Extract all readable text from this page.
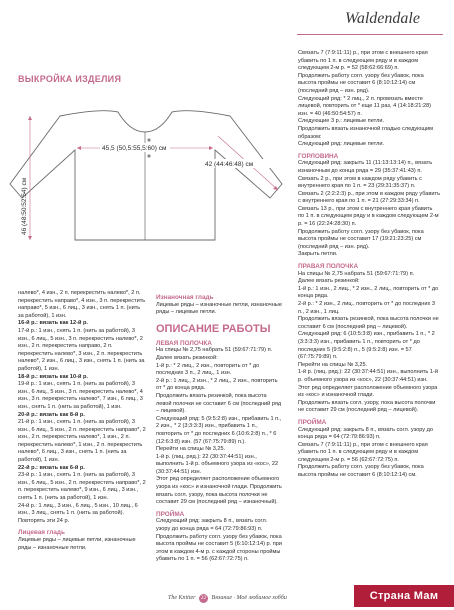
Waldendale
ВЫКРОЙКА ИЗДЕЛИЯ
45,5 (50,5:55,5:60) см
46 (48:50:52:54) см
42 (44:46:48) см

налево*, 4 изн., 2 п. перекрестить налево*, 2 п. перекрестить направо*, 4 изн., 3 п. перекрестить направо*, 5 изн., 6 лиц., 3 изн., снять 1 п. (нить за работой), 1 изн.

16-й р.: вязать как 12-й р.

17-й р.: 1 изн., снять 1 п. (нить за работой), 3 изн., 6 лиц., 5 изн., 3 п. перекрестить налево*, 2 изн., 2 п. перекрестить направо, 2 п. перекрестить налево*, 3 изн., 2 п. перекрестить налево*, 2 изн., 6 лиц., 3 изн., снять 1 п. (нить за работой), 1 изн.

18-й р.: вязать как 10-й р.

19-й р.: 1 изн., снять 1 п. (нить за работой), 3 изн., 6 лиц., 5 изн., 3 п. перекрестить налево*, 4 изн., 3 п. перекрестить налево*, 7 изн., 6 лиц., 3 изн., снять 1 п. (нить за работой), 1 изн.

20-й р.: вязать как 8-й р.

21-й р.: 1 изн., снять 1 п. (нить за работой), 3 изн., 6 лиц., 5 изн., 2 п. перекрестить направо*, 2 изн., 2 п. перекрестить налево*, 1 изн., 2 п. перекрестить налево*, 1 изн., 2 п. перекрестить налево*, 6 лиц., 3 изн., снять 1 п. (нить за работой), 1 изн.

22-й р.: вязать как 6-й р.

23-й р.: 1 изн., снять 1 п. (нить за работой), 3 изн., 6 лиц., 5 изн., 2 п. перекрестить направо*, 2 п. перекрестить налево*, 9 изн., 6 лиц., 3 изн., снять 1 п. (нить за работой), 1 изн.

24-й р.: 1 лиц., 3 изн., 6 лиц., 5 изн., 10 лиц., 6 изн., 3 лиц., снять 1 п. (нить за работой). Повторять эти 24 р.

Лицевая гладь

Лицевые ряды – лицевые петли, изнаночные ряды – изнаночные петли.

Изнаночная гладь

Лицевые ряды – изнаночные петли, изнаночные ряды – лицевые петли.

ОПИСАНИЕ РАБОТЫ

ЛЕВАЯ ПОЛОЧКА

На спицы № 2,75 набрать 51 (59:67:71:79) п.

Далее вязать резинкой:

1-й р.: * 2 лиц., 2 изн., повторить от * до последних 3 п., 2 лиц., 1 изн.

2-й р.: 1 лиц., 2 изн., * 2 лиц., 2 изн., повторить от * до конца ряда.

Продолжить вязать резинкой, пока высота левой полочки не составит 6 см (последний ряд – лицевой).

Следующий ряд: 5 (9:5:2:8) изн., прибавить 1 п., 2 изн., * 2 (3:3:3:3) изн., прибавить 1 п., повторить от * до последних 6 (10:6:2:8) п., * 6 (12:6:3:8) изн. (57 (67:75:79:89) п.).

Перейти на спицы № 3,25.

1-й р. (лиц. ряд.): 22 (30:37:44:51) изн., выполнить 1-й р. объемного узора из «кос», 22 (30:37:44:51) изн.

Этот ряд определяет расположение объемного узора из «кос» и изнаночной глади. Продолжить вязать согл. узору, пока высота полочки не составит 29 см (последний ряд – изнаночный).

ПРОЙМА

Следующий ряд: закрыть 8 п., вязать согл. узору до конца ряда = 64 (72:79:86:93) п.

Продолжить работу согл. узору без убавок, пока высота проймы не составит 5 (6:10:12:14) р. при этом в каждом 4-м р. с каждой стороны проймы убавить по 1 п. = 56 (62:67:72:75) п.

Связать 7 (7:9:11:11) р., при этом с внешнего края убавить по 1 п. в следующем ряду и в каждом следующем 2-м р. = 52 (58:62:66:69) п.

Продолжить работу согл. узору без убавок, пока высота проймы не составит 6 (8:10:12:14) см (последний ряд – изн. ряд).

Следующий ряд: * 2 лиц., 2 п. провязать вместе лицевой, повторить от * еще 11 раз, 4 (14:18:21:28) изн. = 40 (46:50:54:57) п.

Следующие 3 р.: лицевые петли.

Продолжить вязать изнаночной гладью следующим образом:

Следующий ряд: лицевые петли.

ГОРЛОВИНА

Следующий ряд: закрыть 11 (11:13:13:14) п., вязать изнаночным до конца ряда = 29 (35:37:41:43) п.

Связать 2 р., при этом в каждом ряду убавить с внутреннего края по 1 п. = 23 (29:31:35:37) п.

Связать 2 (2:2:2:3) р., при этом в каждом ряду убавить с внутреннего края по 1 п. = 21 (27:29:33:34) п.

Связать 13 р., при этом с внутреннего края убавить по 1 п. в следующем ряду и в каждом следующем 2-м р. = 16 (22:24:28:30) п.

Продолжить работу согл. узору без убавок, пока высота проймы не составит 17 (19:21:23:25) см (последний ряд – изн. ряд).

Закрыть петли.

ПРАВАЯ ПОЛОЧКА

На спицы № 2,75 набрать 51 (59:67:71:79) п.

Далее вязать резинкой:

1-й р.: 1 изн., 2 лиц., * 2 изн., 2 лиц., повторить от * до конца ряда.

2-й р.: * 2 изн., 2 лиц., повторить от * до последних 3 п., 2 изн., 1 лиц.

Продолжить вязать резинкой, пока высота полочки не составит 6 см (последний ряд – лицевой).

Следующий ряд: 6 (10:5:3:8) изн., прибавить 1 п., * 2 (3:3:3:3) изн., прибавить 1 п., повторить от * до последних 5 (9:5:2:8) п., 5 (9:5:2:8) изн. = 57 (67:75:79:89) п.

Перейти на спицы № 3,25.

1-й р. (лиц. ряд.): 22 (30:37:44:51) изн., выполнить 1-й р. объемного узора из «кос», 22 (30:37:44:51) изн.

Этот ряд определяет расположение объемного узора из «кос» и изнаночной глади.

Продолжить вязать согл. узору, пока высота полочки не составит 29 см (последний ряд – лицевой).

ПРОЙМА

Следующий ряд: закрыть 8 п., вязать согл. узору до конца ряда = 64 (72:79:86:93) п.

Связать 7 (7:9:11:11) р., при этом с внешнего края убавить по 1 п. в следующем ряду и в каждом следующем 2-м р. = 56 (62:67:72:75) п.

Продолжить работу согл. узору без убавок, пока высота проймы не составит 6 (8:10:12:14) см.

The Knitter 22 Вязание · Моё любимое хобби	Страна Мам
